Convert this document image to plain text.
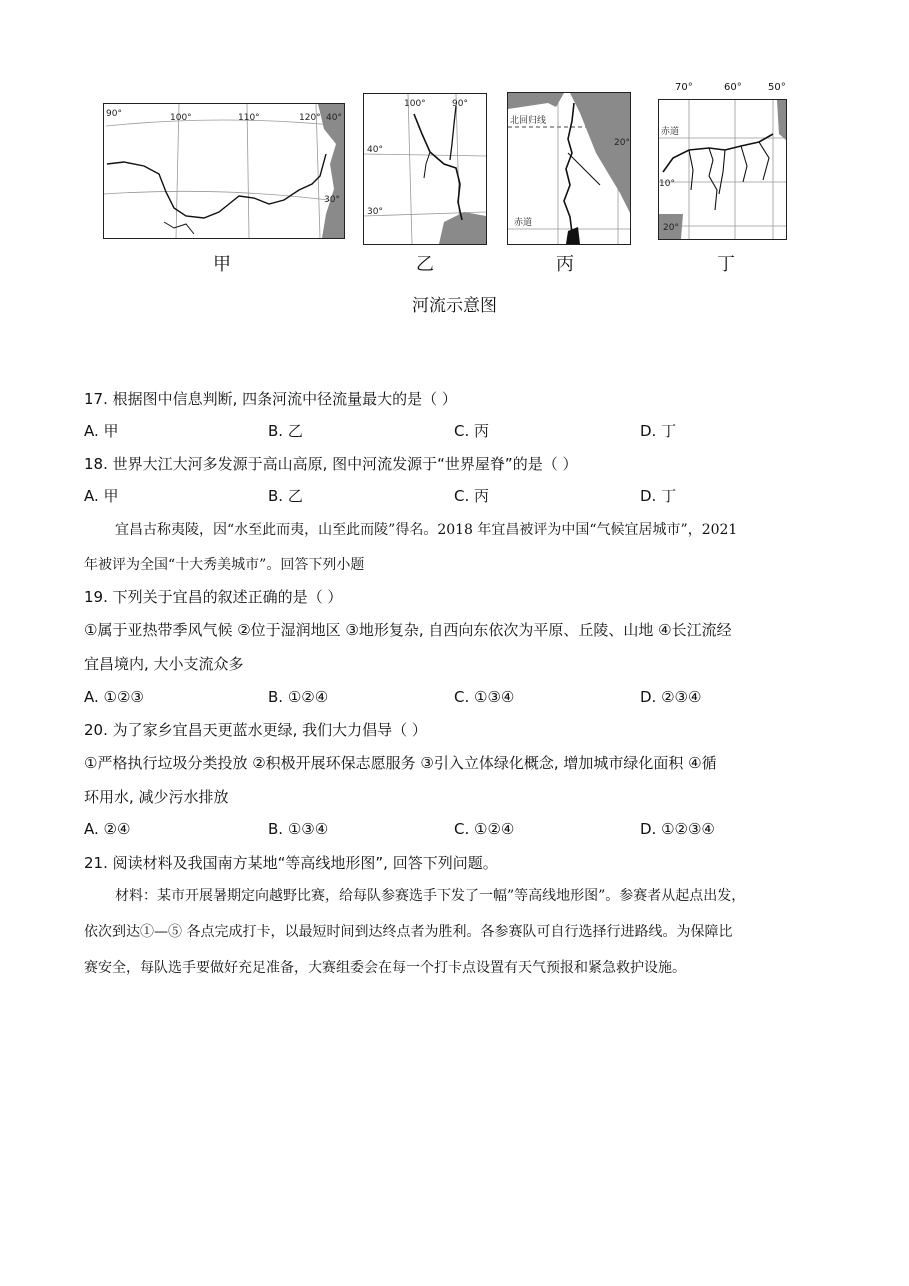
90°	100°	110°	120° 40°
30°
甲
100°	90°
40°
30°
乙
北回归线
20°
赤道
丙
赤道
10°
20°
70°	60°	50°
丁
河流示意图
17. 根据图中信息判断, 四条河流中径流量最大的是（ ）
A. 甲	B. 乙	C. 丙	D. 丁
18. 世界大江大河多发源于高山高原, 图中河流发源于“世界屋脊”的是（ ）
A. 甲	B. 乙	C. 丙	D. 丁
宜昌古称夷陵，因“水至此而夷，山至此而陵”得名。2018 年宜昌被评为中国“气候宜居城市”，2021
年被评为全国“十大秀美城市”。回答下列小题
19. 下列关于宜昌的叙述正确的是（ ）
①属于亚热带季风气候 ②位于湿润地区 ③地形复杂, 自西向东依次为平原、丘陵、山地 ④长江流经
宜昌境内, 大小支流众多
A. ①②③	B. ①②④	C. ①③④	D. ②③④
20. 为了家乡宜昌天更蓝水更绿, 我们大力倡导（ ）
①严格执行垃圾分类投放 ②积极开展环保志愿服务 ③引入立体绿化概念, 增加城市绿化面积 ④循
环用水, 减少污水排放
A. ②④	B. ①③④	C. ①②④	D. ①②③④
21. 阅读材料及我国南方某地“等高线地形图”, 回答下列问题。
材料：某市开展暑期定向越野比赛，给每队参赛选手下发了一幅”等高线地形图”。参赛者从起点出发，
依次到达①—⑤ 各点完成打卡，以最短时间到达终点者为胜利。各参赛队可自行选择行进路线。为保障比
赛安全，每队选手要做好充足准备，大赛组委会在每一个打卡点设置有天气预报和紧急救护设施。
